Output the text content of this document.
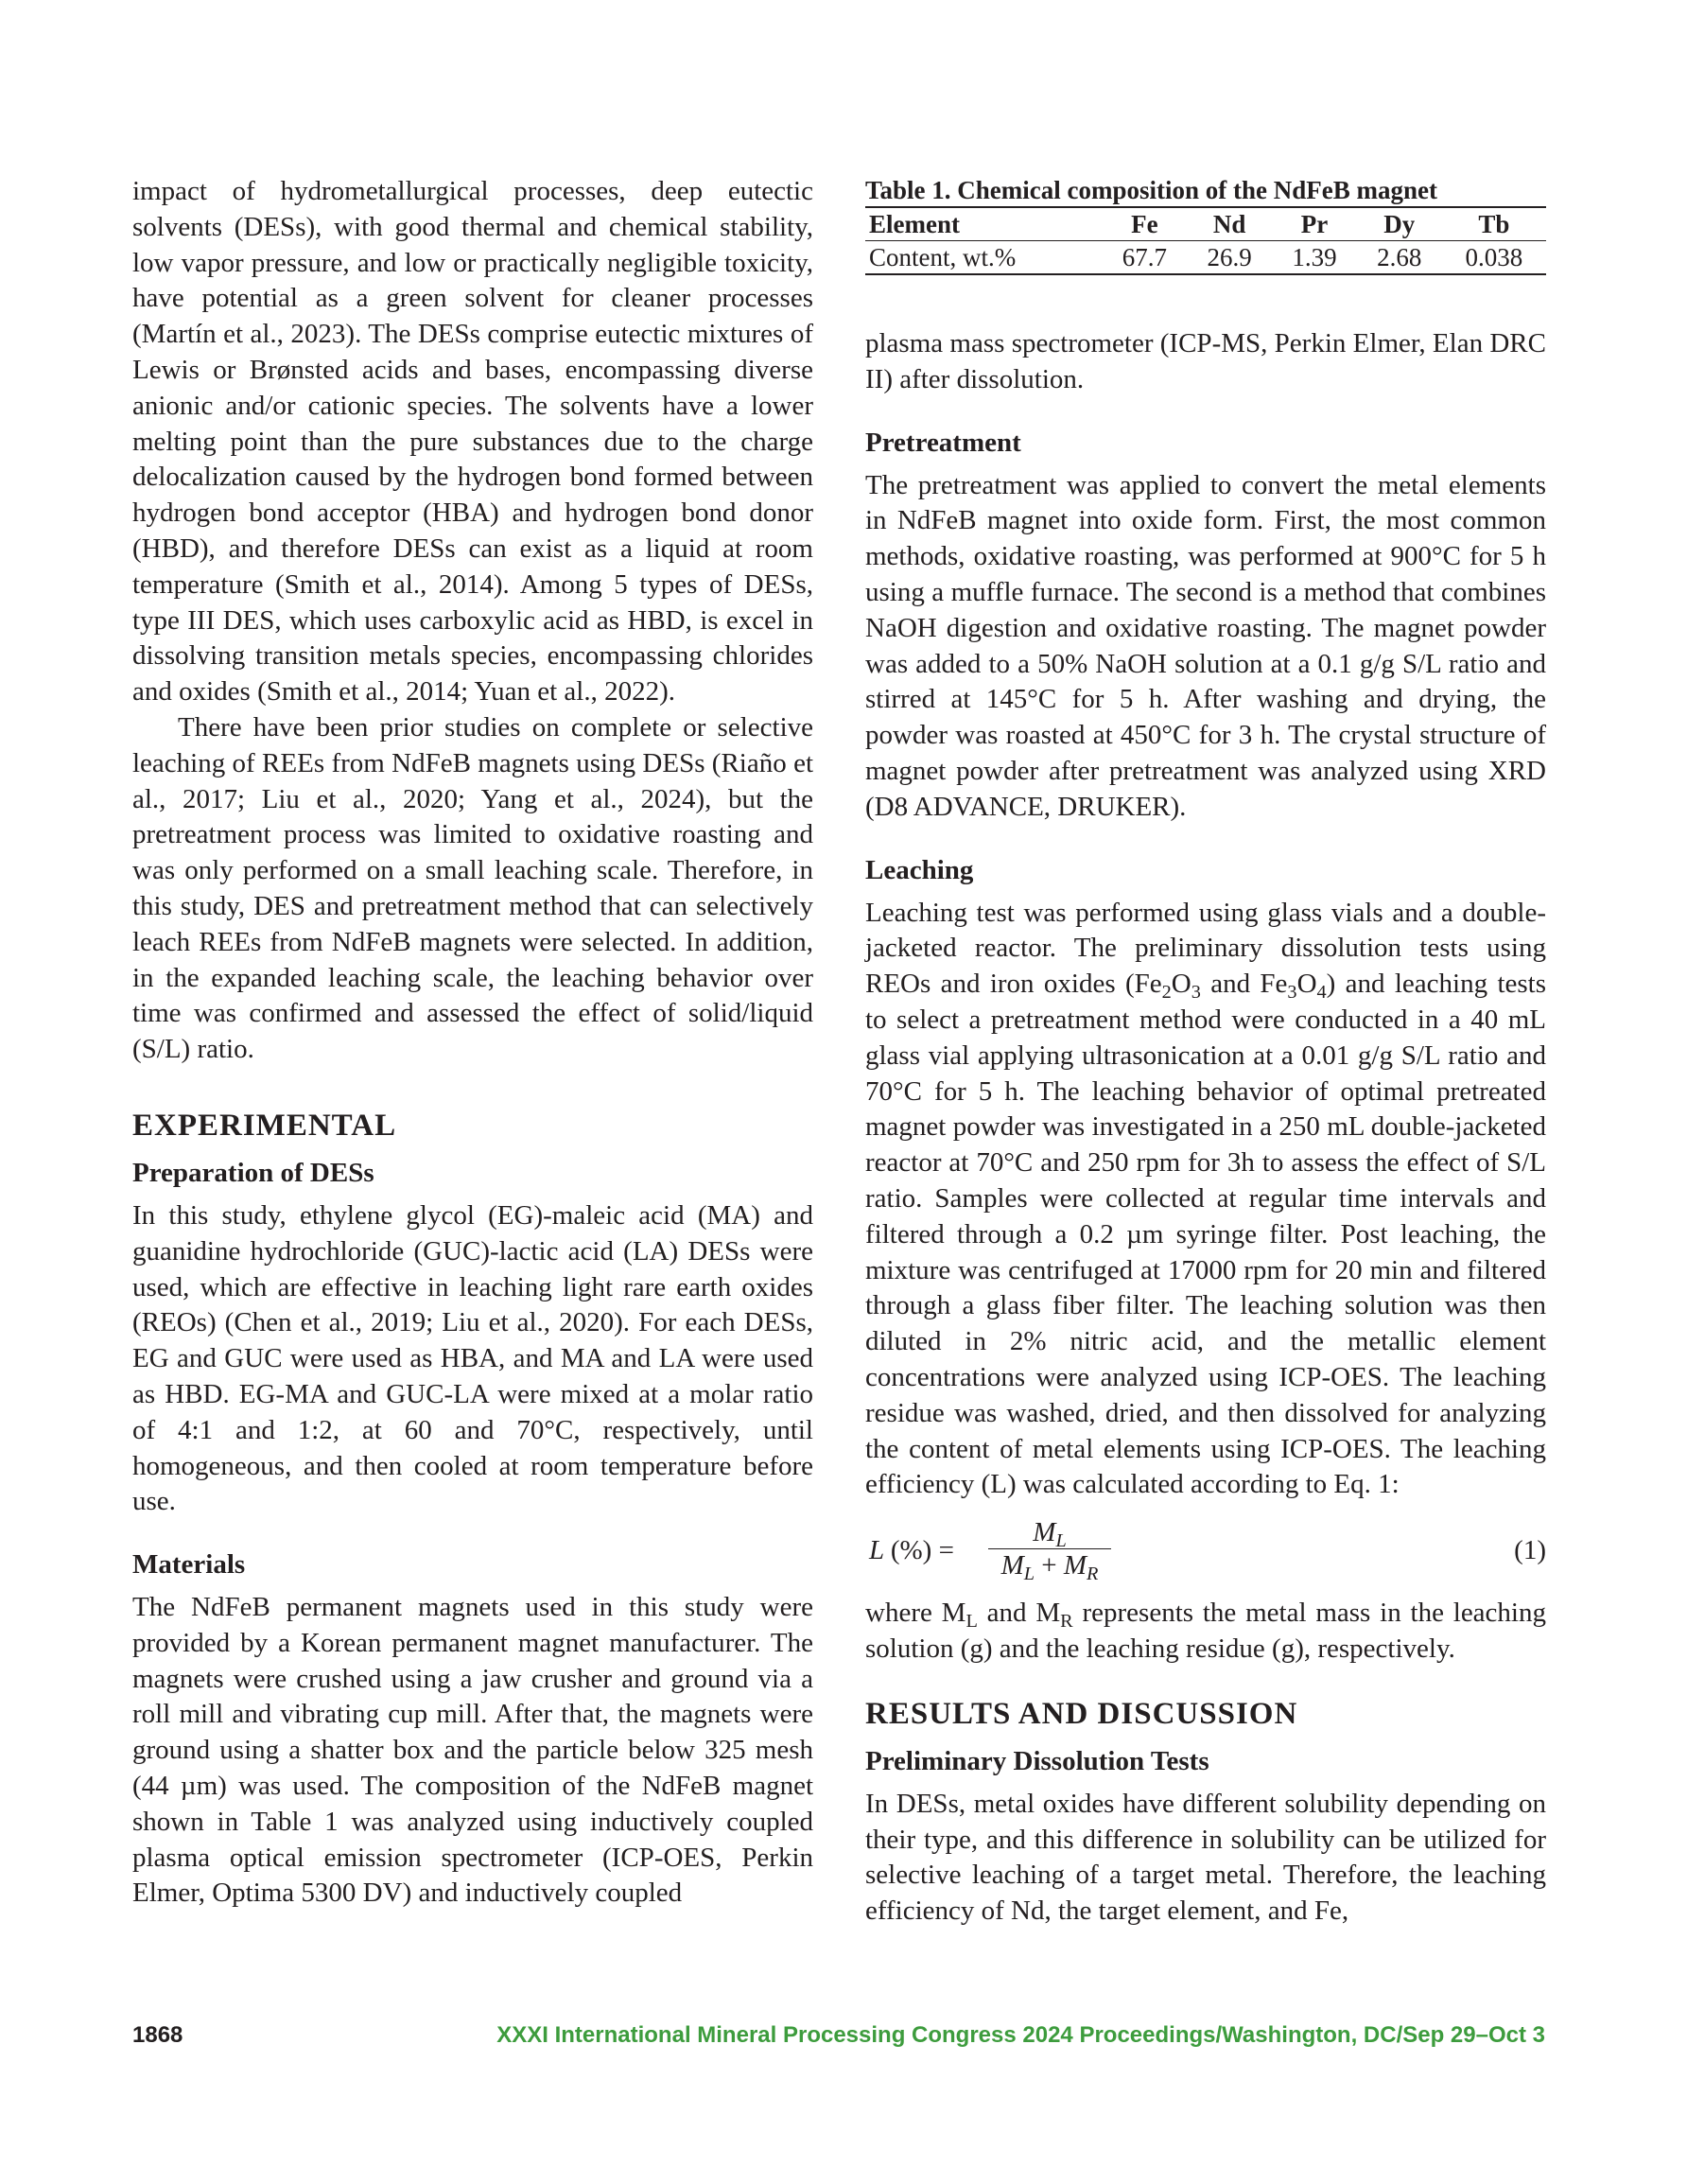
impact of hydrometallurgical processes, deep eutectic solvents (DESs), with good thermal and chemical stability, low vapor pressure, and low or practically negligible toxicity, have potential as a green solvent for cleaner processes (Martín et al., 2023). The DESs comprise eutectic mixtures of Lewis or Brønsted acids and bases, encompassing diverse anionic and/or cationic species. The solvents have a lower melting point than the pure substances due to the charge delocalization caused by the hydrogen bond formed between hydrogen bond acceptor (HBA) and hydrogen bond donor (HBD), and therefore DESs can exist as a liquid at room temperature (Smith et al., 2014). Among 5 types of DESs, type III DES, which uses carboxylic acid as HBD, is excel in dissolving transition metals species, encompassing chlorides and oxides (Smith et al., 2014; Yuan et al., 2022).

There have been prior studies on complete or selective leaching of REEs from NdFeB magnets using DESs (Riaño et al., 2017; Liu et al., 2020; Yang et al., 2024), but the pretreatment process was limited to oxidative roasting and was only performed on a small leaching scale. Therefore, in this study, DES and pretreatment method that can selectively leach REEs from NdFeB magnets were selected. In addition, in the expanded leaching scale, the leaching behavior over time was confirmed and assessed the effect of solid/liquid (S/L) ratio.

EXPERIMENTAL
Preparation of DESs

In this study, ethylene glycol (EG)-maleic acid (MA) and guanidine hydrochloride (GUC)-lactic acid (LA) DESs were used, which are effective in leaching light rare earth oxides (REOs) (Chen et al., 2019; Liu et al., 2020). For each DESs, EG and GUC were used as HBA, and MA and LA were used as HBD. EG-MA and GUC-LA were mixed at a molar ratio of 4:1 and 1:2, at 60 and 70°C, respectively, until homogeneous, and then cooled at room temperature before use.

Materials

The NdFeB permanent magnets used in this study were provided by a Korean permanent magnet manufacturer. The magnets were crushed using a jaw crusher and ground via a roll mill and vibrating cup mill. After that, the magnets were ground using a shatter box and the particle below 325 mesh (44 µm) was used. The composition of the NdFeB magnet shown in Table 1 was analyzed using inductively coupled plasma optical emission spectrometer (ICP-OES, Perkin Elmer, Optima 5300 DV) and inductively coupled

Table 1. Chemical composition of the NdFeB magnet
Element	Fe	Nd	Pr	Dy	Tb
Content, wt.%	67.7	26.9	1.39	2.68	0.038

plasma mass spectrometer (ICP-MS, Perkin Elmer, Elan DRC II) after dissolution.

Pretreatment

The pretreatment was applied to convert the metal elements in NdFeB magnet into oxide form. First, the most common methods, oxidative roasting, was performed at 900°C for 5 h using a muffle furnace. The second is a method that combines NaOH digestion and oxidative roasting. The magnet powder was added to a 50% NaOH solution at a 0.1 g/g S/L ratio and stirred at 145°C for 5 h. After washing and drying, the powder was roasted at 450°C for 3 h. The crystal structure of magnet powder after pretreatment was analyzed using XRD (D8 ADVANCE, DRUKER).

Leaching

Leaching test was performed using glass vials and a double-jacketed reactor. The preliminary dissolution tests using REOs and iron oxides ($Fe_2O_3$ and $Fe_3O_4$) and leaching tests to select a pretreatment method were conducted in a 40 mL glass vial applying ultrasonication at a 0.01 g/g S/L ratio and 70°C for 5 h. The leaching behavior of optimal pretreated magnet powder was investigated in a 250 mL double-jacketed reactor at 70°C and 250 rpm for 3h to assess the effect of S/L ratio. Samples were collected at regular time intervals and filtered through a 0.2 µm syringe filter. Post leaching, the mixture was centrifuged at 17000 rpm for 20 min and filtered through a glass fiber filter. The leaching solution was then diluted in 2% nitric acid, and the metallic element concentrations were analyzed using ICP-OES. The leaching residue was washed, dried, and then dissolved for analyzing the content of metal elements using ICP-OES. The leaching efficiency (L) was calculated according to Eq. 1:

L (%) = $\frac{M_L}{M_L + M_R}$	(1)

where $M_L$ and $M_R$ represents the metal mass in the leaching solution (g) and the leaching residue (g), respectively.

RESULTS AND DISCUSSION
Preliminary Dissolution Tests

In DESs, metal oxides have different solubility depending on their type, and this difference in solubility can be utilized for selective leaching of a target metal. Therefore, the leaching efficiency of Nd, the target element, and Fe,

1868	XXXI International Mineral Processing Congress 2024 Proceedings/Washington, DC/Sep 29–Oct 3
